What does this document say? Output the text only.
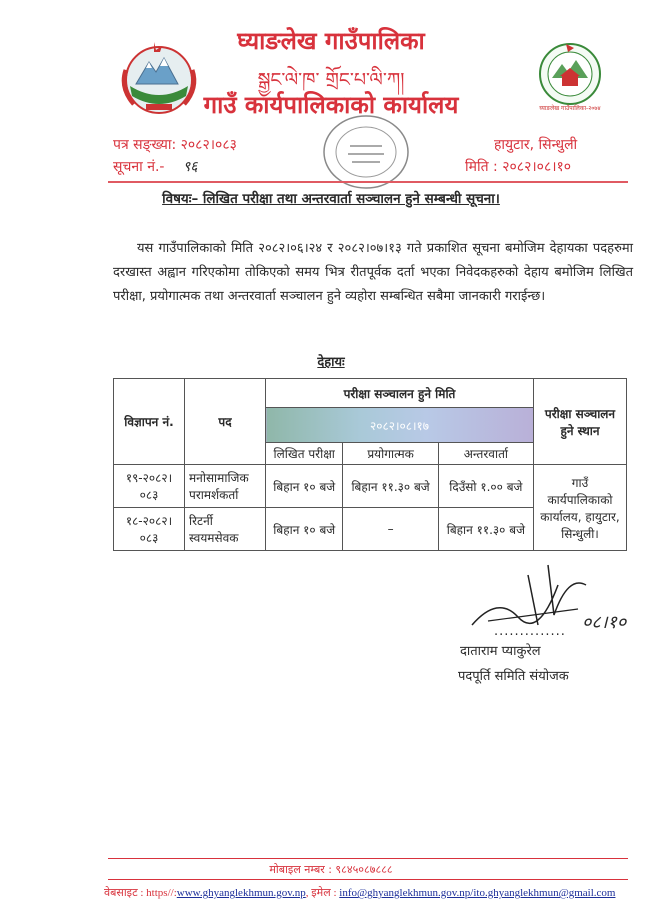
घ्याङलेख गाउँपालिका-२०७४
घ्याङलेख गाउँपालिका
སྒྱང་ལེ་ཁ་ གྲོང་པ་ལི་ཀ།
गाउँ कार्यपालिकाको कार्यालय
पत्र सङ्ख्या: २०८२।०८३
सूचना नं.- ९६
हायुटार, सिन्धुली
मिति : २०८२।०८।१०
विषयः– लिखित परीक्षा तथा अन्तरवार्ता सञ्चालन हुने सम्बन्धी सूचना।
यस गाउँपालिकाको मिति २०८२।०६।२४ र २०८२।०७।१३ गते प्रकाशित सूचना बमोजिम देहायका पदहरुमा दरखास्त अह्वान गरिएकोमा तोकिएको समय भित्र रीतपूर्वक दर्ता भएका निवेदकहरुको देहाय बमोजिम लिखित परीक्षा, प्रयोगात्मक तथा अन्तरवार्ता सञ्चालन हुने व्यहोरा सम्बन्धित सबैमा जानकारी गराईन्छ।
देहायः
विज्ञापन नं.	पद	परीक्षा सञ्चालन हुने मिति			परीक्षा सञ्चालन हुने स्थान
		२०८२।०८।१७			
		लिखित परीक्षा	प्रयोगात्मक	अन्तरवार्ता	
१९-२०८२।०८३	मनोसामाजिक परामर्शकर्ता	बिहान १० बजे	बिहान ११.३० बजे	दिउँसो १.०० बजे	गाउँ कार्यपालिकाको कार्यालय, हायुटार, सिन्धुली।
१८-२०८२।०८३	रिटर्नी स्वयमसेवक	बिहान १० बजे	–	बिहान ११.३० बजे	
.............. ०८।१०
दाताराम प्याकुरेल
पदपूर्ति समिति संयोजक
मोबाइल नम्बर : ९८४५०८७८८८
वेबसाइट : https//:www.ghyanglekhmun.gov.np, इमेल : info@ghyanglekhmun.gov.np/ito.ghyanglekhmun@gmail.com
